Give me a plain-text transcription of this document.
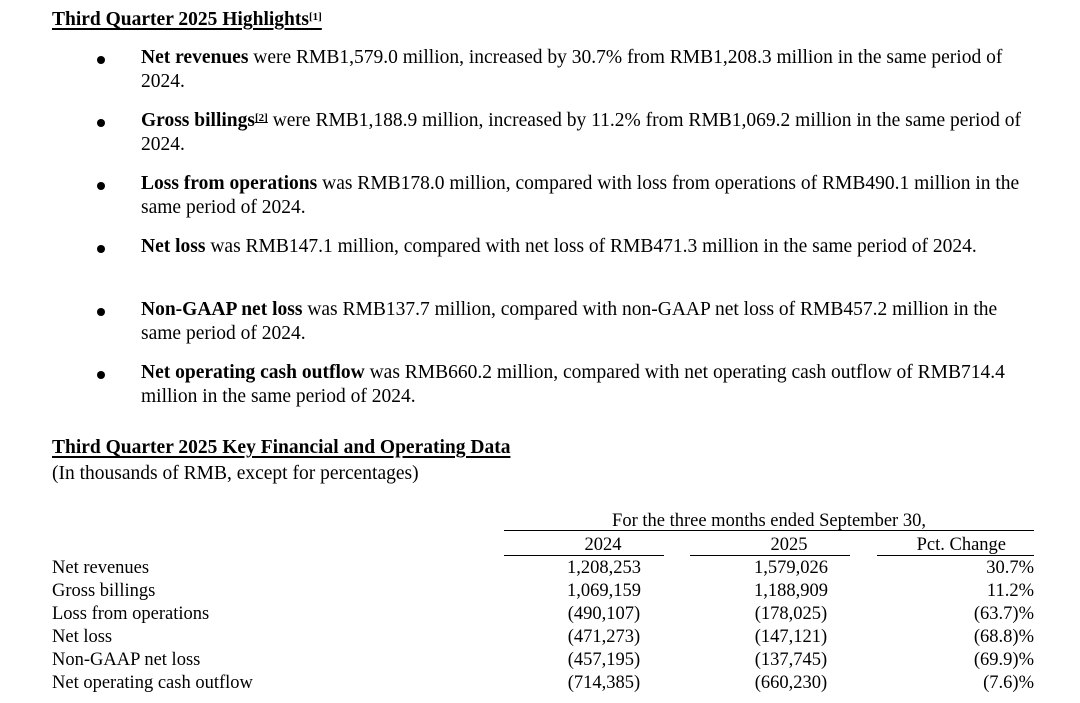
Third Quarter 2025 Highlights[1]
Net revenues were RMB1,579.0 million, increased by 30.7% from RMB1,208.3 million in the same period of 2024.
Gross billings[2] were RMB1,188.9 million, increased by 11.2% from RMB1,069.2 million in the same period of 2024.
Loss from operations was RMB178.0 million, compared with loss from operations of RMB490.1 million in the same period of 2024.
Net loss was RMB147.1 million, compared with net loss of RMB471.3 million in the same period of 2024.
Non-GAAP net loss was RMB137.7 million, compared with non-GAAP net loss of RMB457.2 million in the same period of 2024.
Net operating cash outflow was RMB660.2 million, compared with net operating cash outflow of RMB714.4 million in the same period of 2024.
Third Quarter 2025 Key Financial and Operating Data
(In thousands of RMB, except for percentages)
For the three months ended September 30,
2024	2025	Pct. Change
Net revenues	1,208,253	1,579,026	30.7%
Gross billings	1,069,159	1,188,909	11.2%
Loss from operations	(490,107)	(178,025)	(63.7)%
Net loss	(471,273)	(147,121)	(68.8)%
Non-GAAP net loss	(457,195)	(137,745)	(69.9)%
Net operating cash outflow	(714,385)	(660,230)	(7.6)%
